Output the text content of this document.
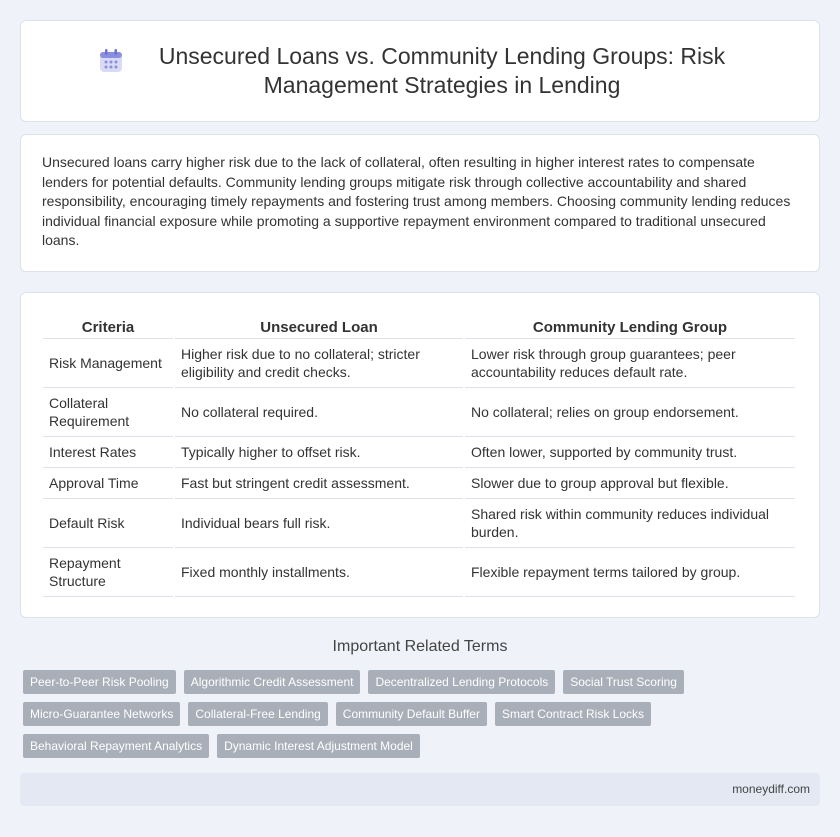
Unsecured Loans vs. Community Lending Groups: Risk Management Strategies in Lending

Unsecured loans carry higher risk due to the lack of collateral, often resulting in higher interest rates to compensate lenders for potential defaults. Community lending groups mitigate risk through collective accountability and shared responsibility, encouraging timely repayments and fostering trust among members. Choosing community lending reduces individual financial exposure while promoting a supportive repayment environment compared to traditional unsecured loans.

Criteria	Unsecured Loan	Community Lending Group
Risk Management	Higher risk due to no collateral; stricter eligibility and credit checks.	Lower risk through group guarantees; peer accountability reduces default rate.
Collateral Requirement	No collateral required.	No collateral; relies on group endorsement.
Interest Rates	Typically higher to offset risk.	Often lower, supported by community trust.
Approval Time	Fast but stringent credit assessment.	Slower due to group approval but flexible.
Default Risk	Individual bears full risk.	Shared risk within community reduces individual burden.
Repayment Structure	Fixed monthly installments.	Flexible repayment terms tailored by group.
Important Related Terms
Peer-to-Peer Risk Pooling	Algorithmic Credit Assessment	Decentralized Lending Protocols	Social Trust Scoring
Micro-Guarantee Networks	Collateral-Free Lending	Community Default Buffer	Smart Contract Risk Locks
Behavioral Repayment Analytics	Dynamic Interest Adjustment Model
moneydiff.com
